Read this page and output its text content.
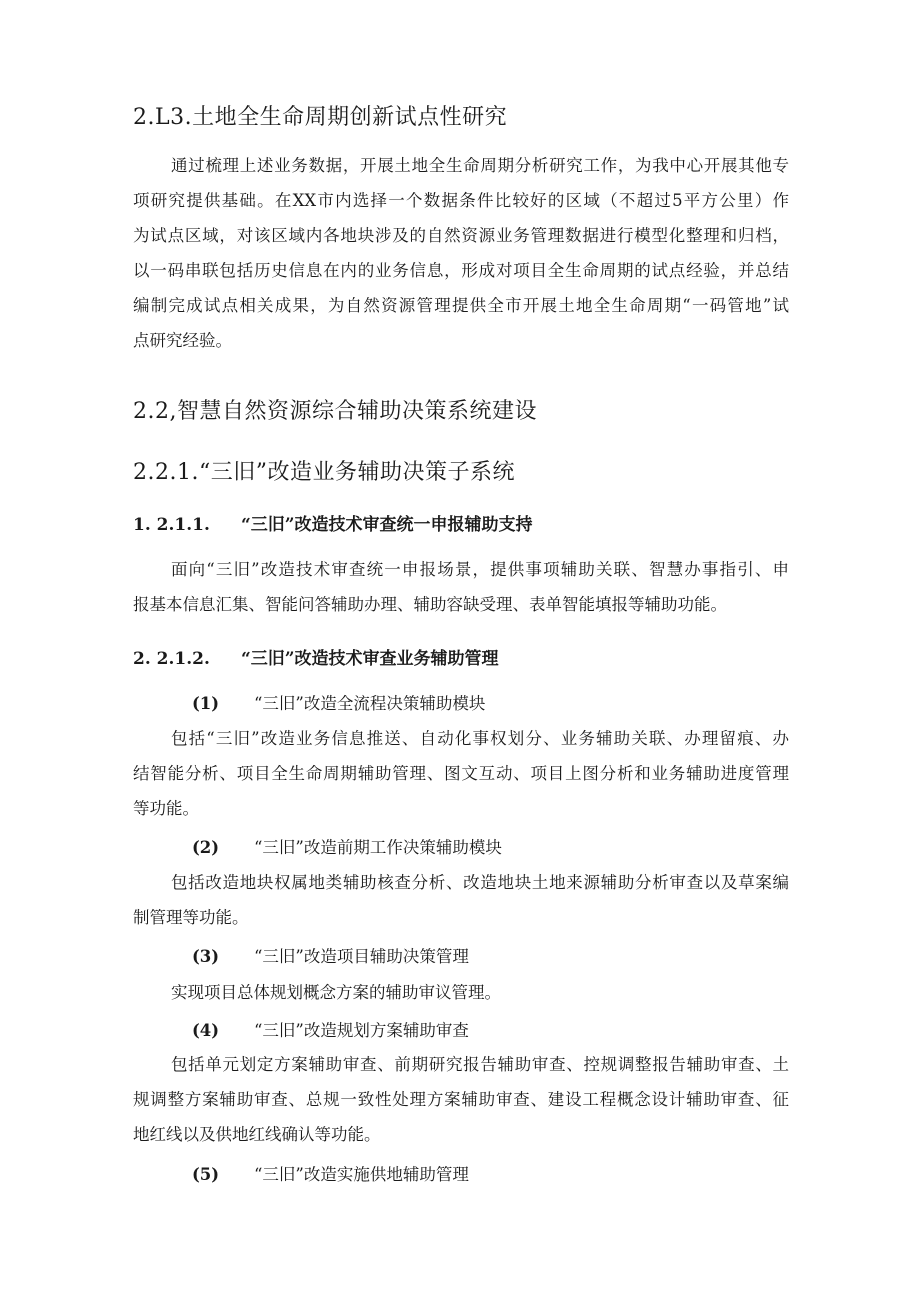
2.L3.土地全生命周期创新试点性研究
通过梳理上述业务数据，开展土地全生命周期分析研究工作，为我中心开展其他专
项研究提供基础。在XX市内选择一个数据条件比较好的区域（不超过5平方公里）作
为试点区域，对该区域内各地块涉及的自然资源业务管理数据进行模型化整理和归档，
以一码串联包括历史信息在内的业务信息，形成对项目全生命周期的试点经验，并总结
编制完成试点相关成果，为自然资源管理提供全市开展土地全生命周期“一码管地”试
点研究经验。
2.2,智慧自然资源综合辅助决策系统建设
2.2.1.“三旧”改造业务辅助决策子系统
1. 2.1.1. “三旧”改造技术审查统一申报辅助支持
面向“三旧”改造技术审查统一申报场景，提供事项辅助关联、智慧办事指引、申
报基本信息汇集、智能问答辅助办理、辅助容缺受理、表单智能填报等辅助功能。
2. 2.1.2. “三旧”改造技术审查业务辅助管理
(1) “三旧”改造全流程决策辅助模块
包括“三旧”改造业务信息推送、自动化事权划分、业务辅助关联、办理留痕、办
结智能分析、项目全生命周期辅助管理、图文互动、项目上图分析和业务辅助进度管理
等功能。
(2) “三旧”改造前期工作决策辅助模块
包括改造地块权属地类辅助核查分析、改造地块土地来源辅助分析审查以及草案编
制管理等功能。
(3) “三旧”改造项目辅助决策管理
实现项目总体规划概念方案的辅助审议管理。
(4) “三旧”改造规划方案辅助审查
包括单元划定方案辅助审查、前期研究报告辅助审查、控规调整报告辅助审查、土
规调整方案辅助审查、总规一致性处理方案辅助审查、建设工程概念设计辅助审查、征
地红线以及供地红线确认等功能。
(5) “三旧”改造实施供地辅助管理
